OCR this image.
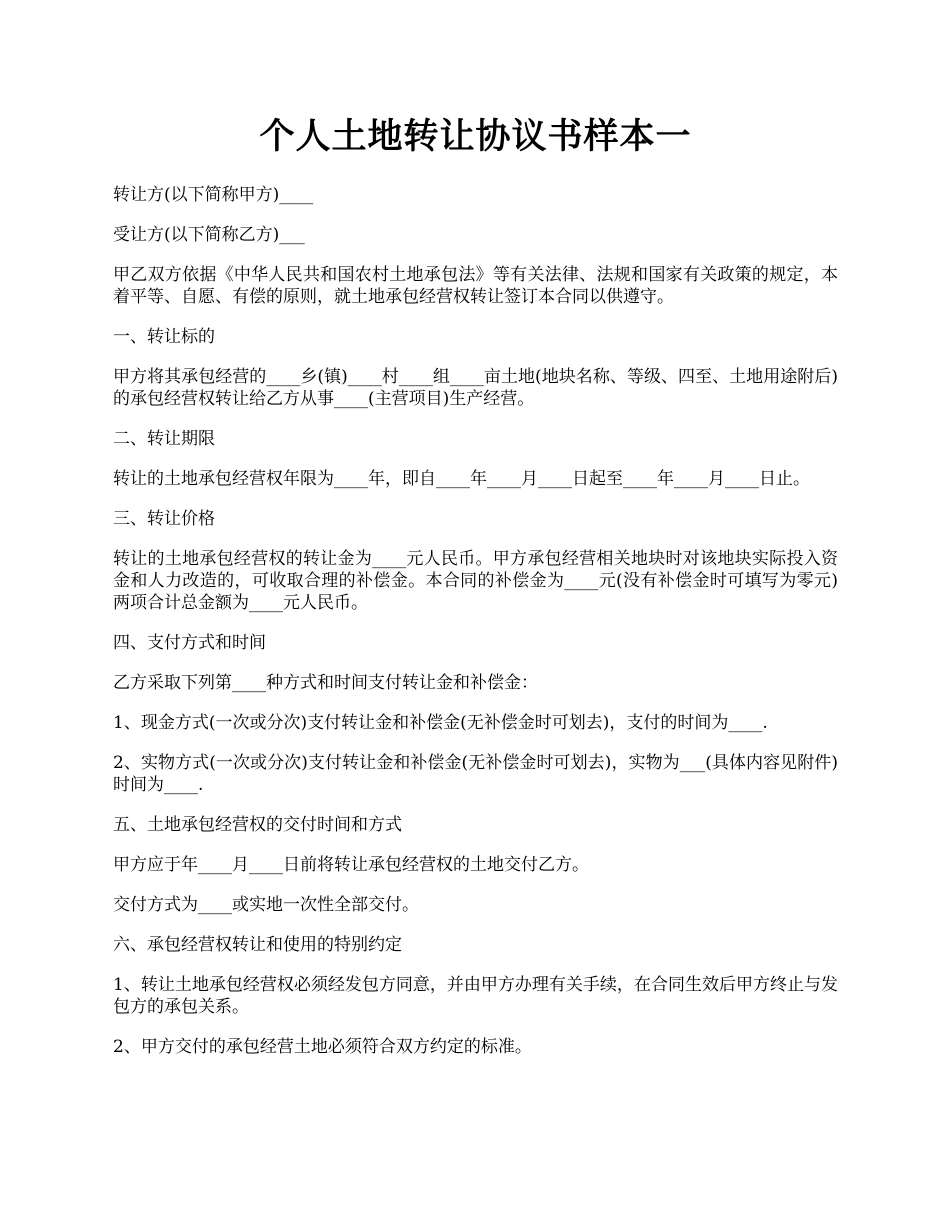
个人土地转让协议书样本一

转让方(以下简称甲方)____

受让方(以下简称乙方)___

甲乙双方依据《中华人民共和国农村土地承包法》等有关法律、法规和国家有关政策的规定，本着平等、自愿、有偿的原则，就土地承包经营权转让签订本合同以供遵守。

一、转让标的

甲方将其承包经营的____乡(镇)____村____组____亩土地(地块名称、等级、四至、土地用途附后)的承包经营权转让给乙方从事____(主营项目)生产经营。

二、转让期限

转让的土地承包经营权年限为____年，即自____年____月____日起至____年____月____日止。

三、转让价格

转让的土地承包经营权的转让金为____元人民币。甲方承包经营相关地块时对该地块实际投入资金和人力改造的，可收取合理的补偿金。本合同的补偿金为____元(没有补偿金时可填写为零元)两项合计总金额为____元人民币。

四、支付方式和时间

乙方采取下列第____种方式和时间支付转让金和补偿金：

1、现金方式(一次或分次)支付转让金和补偿金(无补偿金时可划去)，支付的时间为____.

2、实物方式(一次或分次)支付转让金和补偿金(无补偿金时可划去)，实物为___(具体内容见附件)时间为____.

五、土地承包经营权的交付时间和方式

甲方应于年____月____日前将转让承包经营权的土地交付乙方。

交付方式为____或实地一次性全部交付。

六、承包经营权转让和使用的特别约定

1、转让土地承包经营权必须经发包方同意，并由甲方办理有关手续，在合同生效后甲方终止与发包方的承包关系。

2、甲方交付的承包经营土地必须符合双方约定的标准。
